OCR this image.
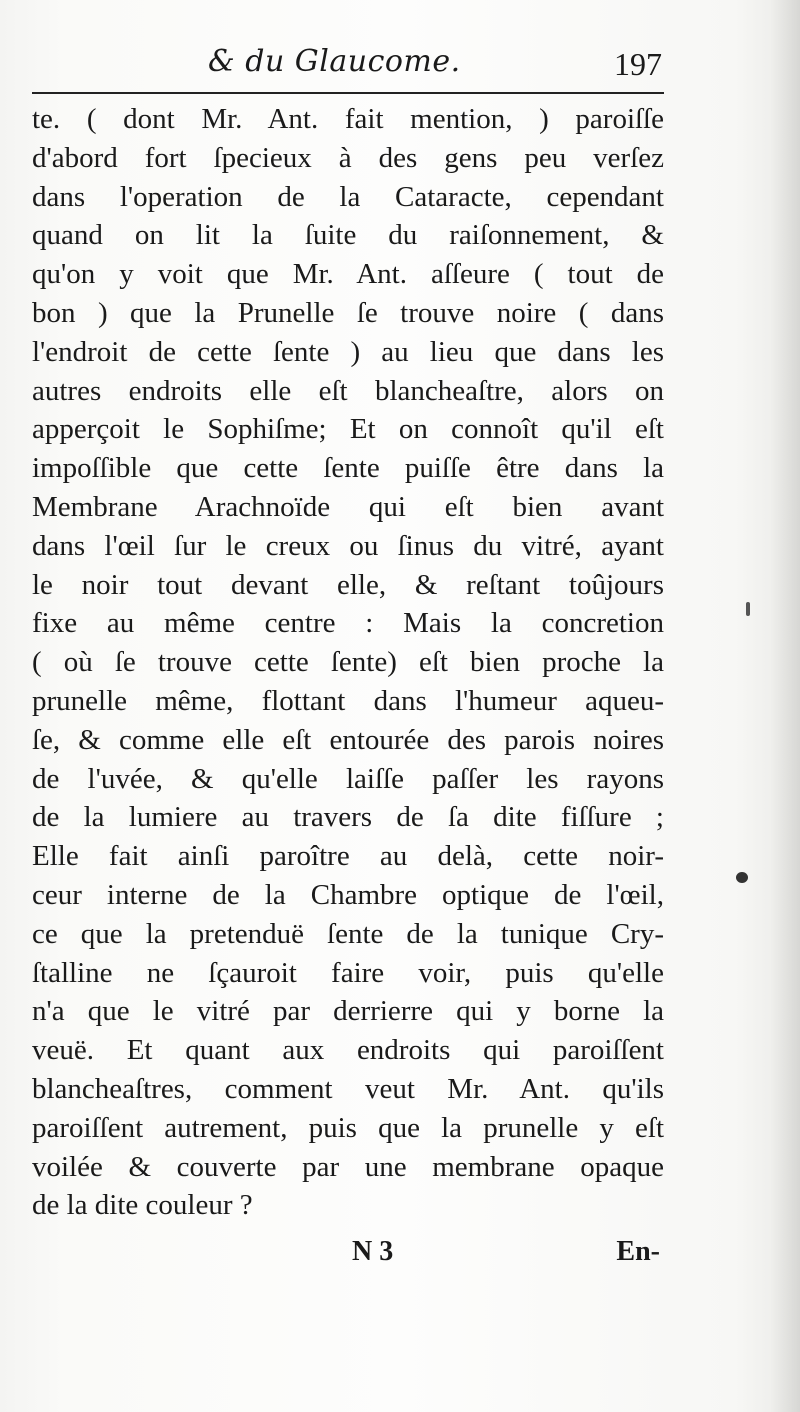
& du Glaucome.	197
te. ( dont Mr. Ant. fait mention, ) paroiſſe
d'abord fort ſpecieux à des gens peu verſez
dans l'operation de la Cataracte, cependant
quand on lit la ſuite du raiſonnement, &
qu'on y voit que Mr. Ant. aſſeure ( tout de
bon ) que la Prunelle ſe trouve noire ( dans
l'endroit de cette ſente ) au lieu que dans les
autres endroits elle eſt blancheaſtre, alors on
apperçoit le Sophiſme; Et on connoît qu'il eſt
impoſſible que cette ſente puiſſe être dans la
Membrane Arachnoïde qui eſt bien avant
dans l'œil ſur le creux ou ſinus du vitré, ayant
le noir tout devant elle, & reſtant toûjours
fixe au même centre : Mais la concretion
( où ſe trouve cette ſente) eſt bien proche la
prunelle même, flottant dans l'humeur aqueu-
ſe, & comme elle eſt entourée des parois noires
de l'uvée, & qu'elle laiſſe paſſer les rayons
de la lumiere au travers de ſa dite fiſſure ;
Elle fait ainſi paroître au delà, cette noir-
ceur interne de la Chambre optique de l'œil,
ce que la pretenduë ſente de la tunique Cry-
ſtalline ne ſçauroit faire voir, puis qu'elle
n'a que le vitré par derrierre qui y borne la
veuë. Et quant aux endroits qui paroiſſent
blancheaſtres, comment veut Mr. Ant. qu'ils
paroiſſent autrement, puis que la prunelle y eſt
voilée & couverte par une membrane opaque
de la dite couleur ?
N 3	En-
